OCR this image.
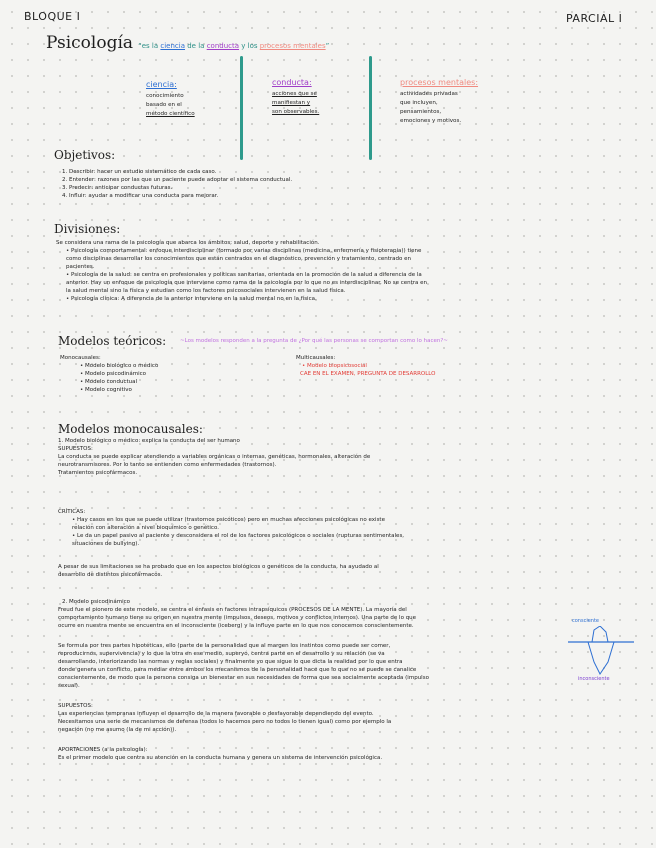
BLOQUE I	PARCIAL I
Psicología “es la ciencia de la conducta y los procesos mentales”
ciencia:
conocimiento
basado en el
método científico
conducta:
acciones que se
manifiestan y
son observables.
procesos mentales:
actividades privadas
que incluyen,
pensamientos,
emociones y motivos.
Objetivos:
1. Describir: hacer un estudio sistemático de cada caso.
2. Entender: razones por las que un paciente puede adoptar el sistema conductual.
3. Predecir: anticipar conductas futuras.
4. Influir: ayudar a modificar una conducta para mejorar.
Divisiones:
Se considera una rama de la psicología que abarca los ámbitos; salud, deporte y rehabilitación.
• Psicología comportamental: enfoque interdisciplinar (formado por varias disciplinas (medicina, enfermería y fisioterapia)) tiene
como disciplinas desarrollar los conocimientos que están centrados en el diagnóstico, prevención y tratamiento, centrado en
pacientes.
• Psicología de la salud: se centra en profesionales y políticas sanitarias, orientada en la promoción de la salud a diferencia de la
anterior. Hay un enfoque de psicología que interviene como rama de la psicología por lo que no es interdisciplinar. No se centra en
la salud mental sino la física y estudian como los factores psicosociales intervienen en la salud física.
• Psicología clínica: A diferencia de la anterior interviene en la salud mental no en la física.
Modelos teóricos:	~Los modelos responden a la pregunta de ¿Por qué las personas se comportan como lo hacen?~
Monocausales:
• Modelo biológico o médico
• Modelo psicodinámico
• Modelo conductual
• Modelo cognitivo
Multicausales:
• Modelo biopsicosocial
CAE EN EL EXAMEN, PREGUNTA DE DESARROLLO
Modelos monocausales:
1. Modelo biológico o médico: explica la conducta del ser humano
SUPUESTOS:
La conducta se puede explicar atendiendo a variables orgánicas o internas, genéticas, hormonales, alteración de
neurotransmisores. Por lo tanto se entienden como enfermedades (trastornos).
Tratamientos psicofármacos.
CRÍTICAS:
• Hay casos en los que se puede utilizar (trastornos psicóticos) pero en muchas afecciones psicológicas no existe
relación con alteración a nivel bioquímico o genético.
• Le da un papel pasivo al paciente y desconsidera el rol de los factores psicológicos o sociales (rupturas sentimentales,
situaciones de bullying).
A pesar de sus limitaciones se ha probado que en los aspectos biológicos o genéticos de la conducta, ha ayudado al
desarrollo de distintos psicofármacos.
2. Modelo psicodinámico
Freud fue el pionero de este modelo, se centra el énfasis en factores intrapsíquicos (PROCESOS DE LA MENTE). La mayoría del
comportamiento humano tiene su origen en nuestra mente (impulsos, deseos, motivos y conflictos internos). Una parte de lo que
ocurre en nuestra mente se encuentra en el inconsciente (iceberg) y la influye parte en lo que nos conocemos conscientemente.
Se formula por tres partes hipotéticas, ello (parte de la personalidad que al margen los instintos como puede ser comer,
reproducirnos, supervivencia) y lo que la otra en ese medio, superyó, centra parte en el desarrollo y su relación (se va
desarrollando, interiorizando las normas y reglas sociales) y finalmente yo que sigue lo que dicta la realidad por lo que entra
donde genera un conflicto, para mediar entre ambos los mecanismos de la personalidad hace que lo que no se puede se canalice
conscientemente, de modo que la persona consiga un bienestar en sus necesidades de forma que sea socialmente aceptada (impulso
sexual).
SUPUESTOS:
Las experiencias tempranas influyen el desarrollo de la manera favorable o desfavorable dependiendo del evento.
Necesitamos una serie de mecanismos de defensa (todos lo hacemos pero no todos lo tienen igual) como por ejemplo la
negación (no me asumo (la de mi acción)).
APORTACIONES (a la psicología):
Es el primer modelo que centra su atención en la conducta humana y genera un sistema de intervención psicológica.
consciente
inconsciente
